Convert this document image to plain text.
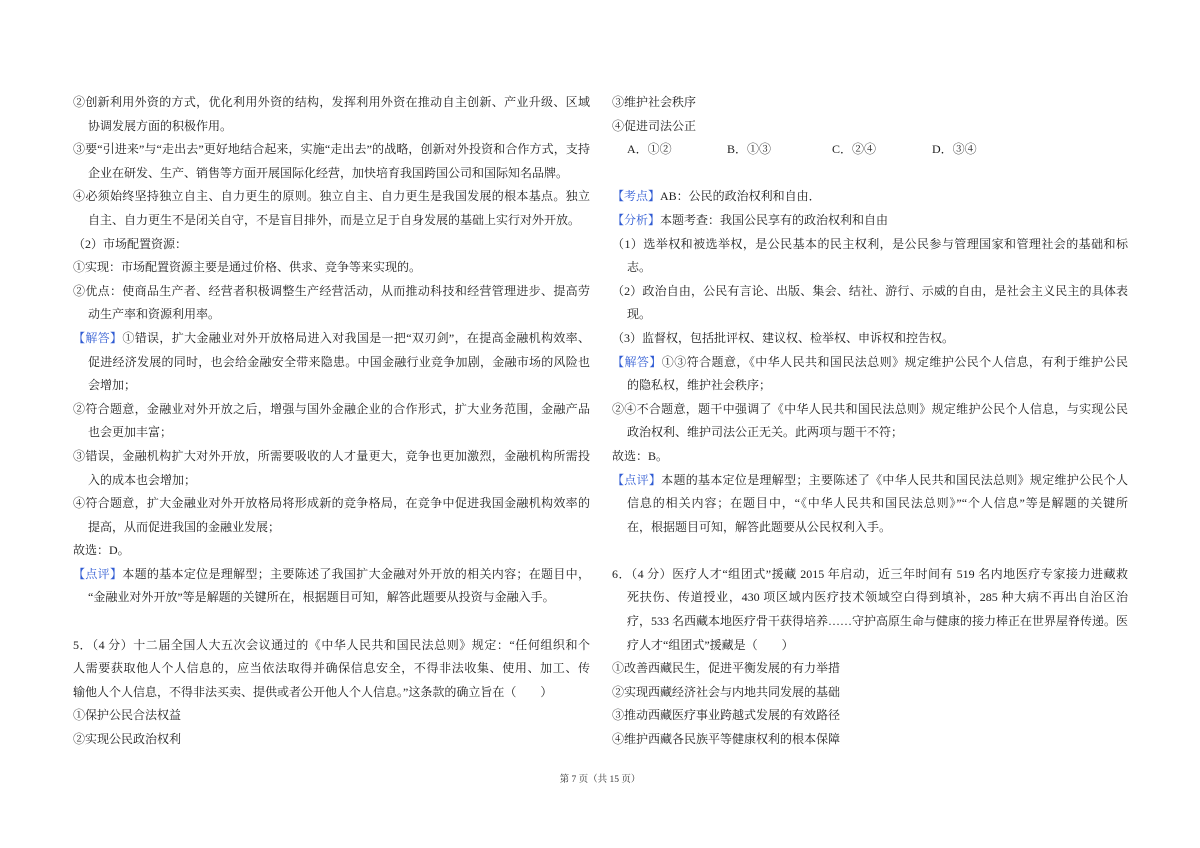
②创新利用外资的方式，优化利用外资的结构，发挥利用外资在推动自主创新、产业升级、区域
协调发展方面的积极作用。
③要“引进来”与“走出去”更好地结合起来，实施“走出去”的战略，创新对外投资和合作方式，支持
企业在研发、生产、销售等方面开展国际化经营，加快培育我国跨国公司和国际知名品牌。
④必须始终坚持独立自主、自力更生的原则。独立自主、自力更生是我国发展的根本基点。独立
自主、自力更生不是闭关自守，不是盲目排外，而是立足于自身发展的基础上实行对外开放。
（2）市场配置资源：
①实现：市场配置资源主要是通过价格、供求、竞争等来实现的。
②优点：使商品生产者、经营者积极调整生产经营活动，从而推动科技和经营管理进步、提高劳
动生产率和资源利用率。
【解答】①错误，扩大金融业对外开放格局进入对我国是一把“双刃剑”，在提高金融机构效率、
促进经济发展的同时，也会给金融安全带来隐患。中国金融行业竞争加剧，金融市场的风险也
会增加；
②符合题意，金融业对外开放之后，增强与国外金融企业的合作形式，扩大业务范围，金融产品
也会更加丰富；
③错误，金融机构扩大对外开放，所需要吸收的人才量更大，竞争也更加激烈，金融机构所需投
入的成本也会增加；
④符合题意，扩大金融业对外开放格局将形成新的竞争格局，在竞争中促进我国金融机构效率的
提高，从而促进我国的金融业发展；
故选：D。
【点评】本题的基本定位是理解型；主要陈述了我国扩大金融对外开放的相关内容；在题目中，
“金融业对外开放”等是解题的关键所在，根据题目可知，解答此题要从投资与金融入手。
5．（4 分）十二届全国人大五次会议通过的《中华人民共和国民法总则》规定：“任何组织和个
人需要获取他人个人信息的，应当依法取得并确保信息安全，不得非法收集、使用、加工、传
输他人个人信息，不得非法买卖、提供或者公开他人个人信息。”这条款的确立旨在（　　）
①保护公民合法权益
②实现公民政治权利
③维护社会秩序
④促进司法公正
A．①②	B．①③	C．②④	D．③④
【考点】AB：公民的政治权利和自由．
【分析】本题考查：我国公民享有的政治权利和自由
（1）选举权和被选举权，是公民基本的民主权利，是公民参与管理国家和管理社会的基础和标
志。
（2）政治自由，公民有言论、出版、集会、结社、游行、示威的自由，是社会主义民主的具体表
现。
（3）监督权，包括批评权、建议权、检举权、申诉权和控告权。
【解答】①③符合题意，《中华人民共和国民法总则》规定维护公民个人信息，有利于维护公民
的隐私权，维护社会秩序；
②④不合题意，题干中强调了《中华人民共和国民法总则》规定维护公民个人信息，与实现公民
政治权利、维护司法公正无关。此两项与题干不符；
故选：B。
【点评】本题的基本定位是理解型；主要陈述了《中华人民共和国民法总则》规定维护公民个人
信息的相关内容；在题目中，“《中华人民共和国民法总则》”“个人信息”等是解题的关键所
在，根据题目可知，解答此题要从公民权利入手。
6．（4 分）医疗人才“组团式”援藏 2015 年启动，近三年时间有 519 名内地医疗专家接力进藏救
死扶伤、传道授业，430 项区域内医疗技术领域空白得到填补，285 种大病不再出自治区治
疗，533 名西藏本地医疗骨干获得培养……守护高原生命与健康的接力棒正在世界屋脊传递。医
疗人才“组团式”援藏是（　　）
①改善西藏民生，促进平衡发展的有力举措
②实现西藏经济社会与内地共同发展的基础
③推动西藏医疗事业跨越式发展的有效路径
④维护西藏各民族平等健康权利的根本保障
第 7 页（共 15 页）
